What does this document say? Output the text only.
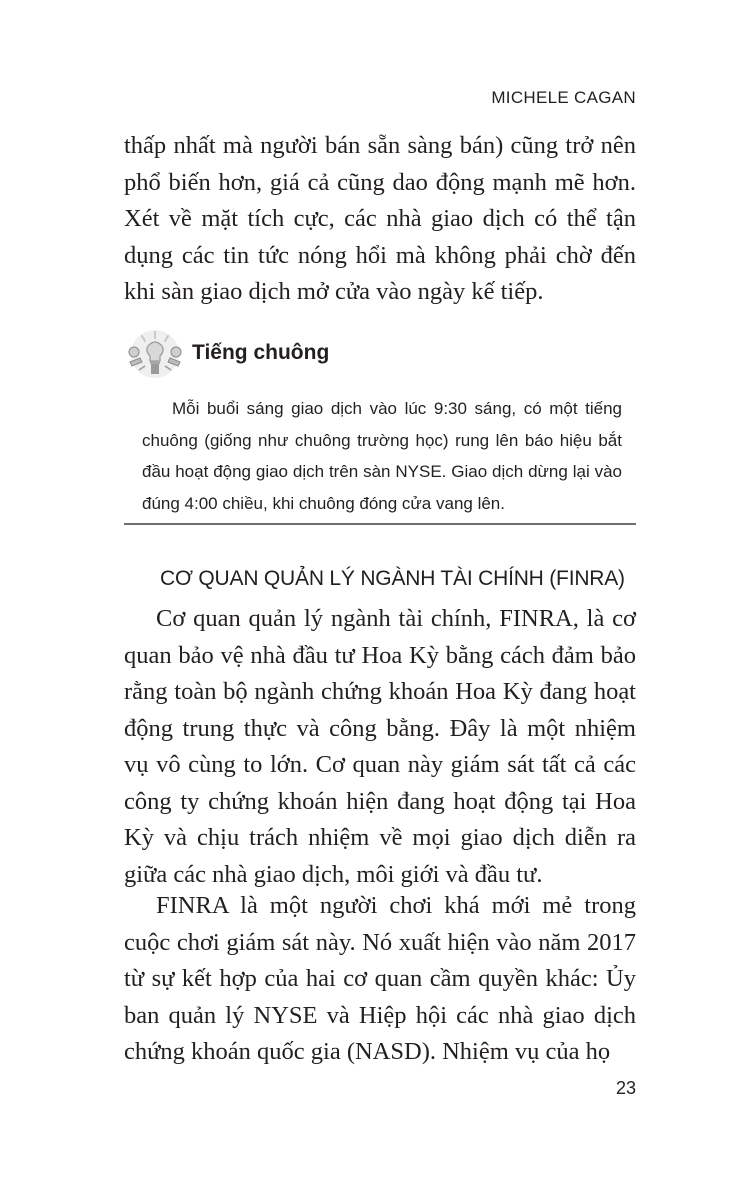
MICHELE CAGAN

thấp nhất mà người bán sẵn sàng bán) cũng trở nên phổ biến hơn, giá cả cũng dao động mạnh mẽ hơn. Xét về mặt tích cực, các nhà giao dịch có thể tận dụng các tin tức nóng hổi mà không phải chờ đến khi sàn giao dịch mở cửa vào ngày kế tiếp.

Tiếng chuông

Mỗi buổi sáng giao dịch vào lúc 9:30 sáng, có một tiếng chuông (giống như chuông trường học) rung lên báo hiệu bắt đầu hoạt động giao dịch trên sàn NYSE. Giao dịch dừng lại vào đúng 4:00 chiều, khi chuông đóng cửa vang lên.

CƠ QUAN QUẢN LÝ NGÀNH TÀI CHÍNH (FINRA)

Cơ quan quản lý ngành tài chính, FINRA, là cơ quan bảo vệ nhà đầu tư Hoa Kỳ bằng cách đảm bảo rằng toàn bộ ngành chứng khoán Hoa Kỳ đang hoạt động trung thực và công bằng. Đây là một nhiệm vụ vô cùng to lớn. Cơ quan này giám sát tất cả các công ty chứng khoán hiện đang hoạt động tại Hoa Kỳ và chịu trách nhiệm về mọi giao dịch diễn ra giữa các nhà giao dịch, môi giới và đầu tư.

FINRA là một người chơi khá mới mẻ trong cuộc chơi giám sát này. Nó xuất hiện vào năm 2017 từ sự kết hợp của hai cơ quan cầm quyền khác: Ủy ban quản lý NYSE và Hiệp hội các nhà giao dịch chứng khoán quốc gia (NASD). Nhiệm vụ của họ

23
